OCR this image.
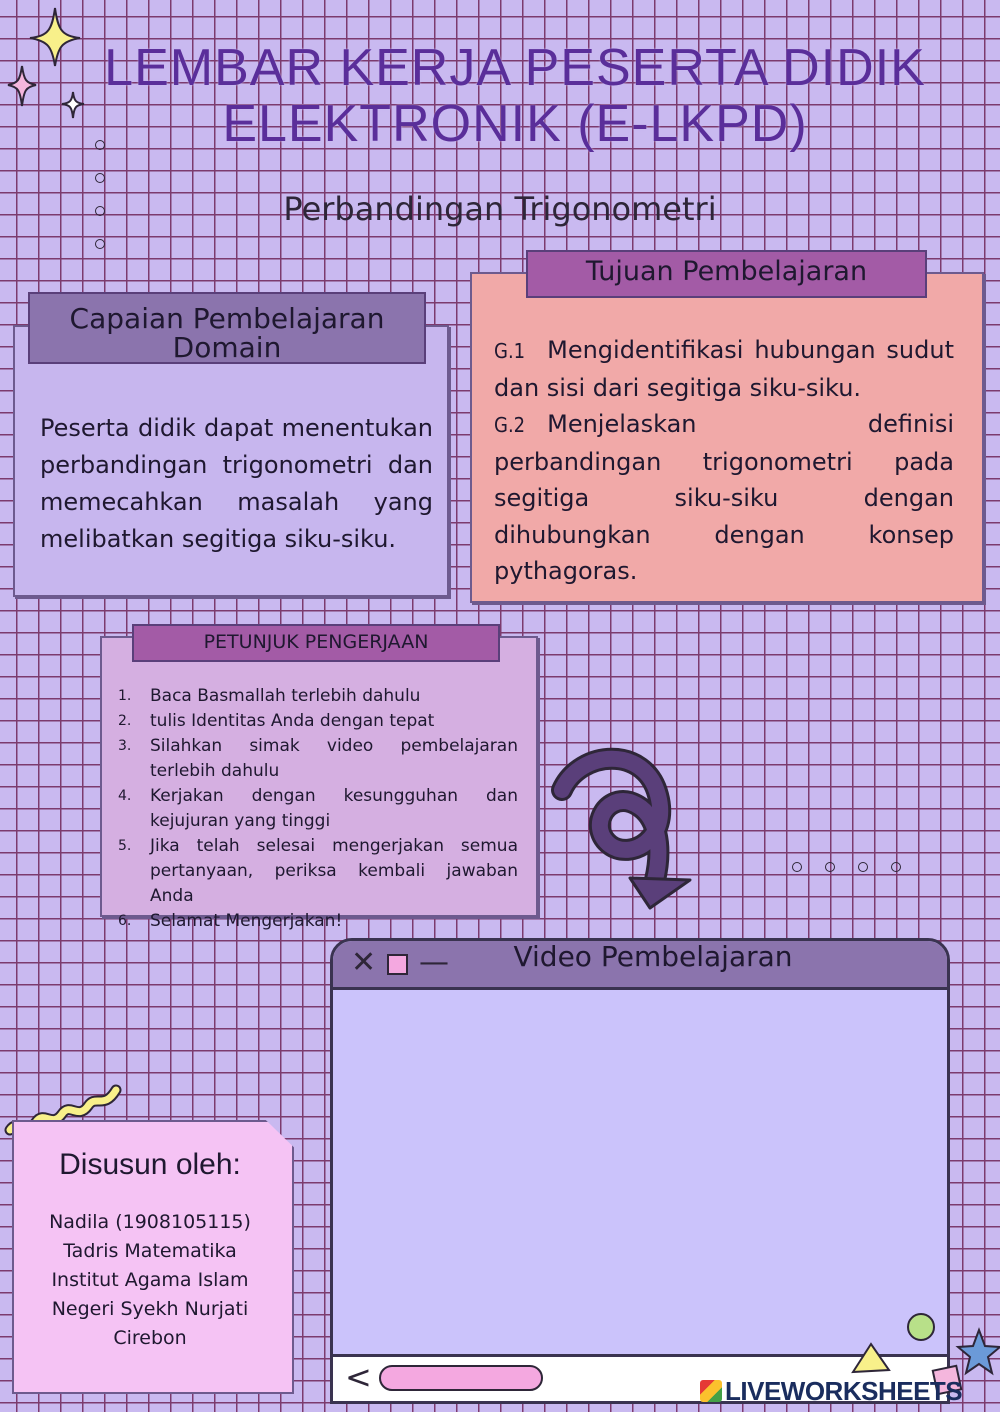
LEMBAR KERJA PESERTA DIDIK
ELEKTRONIK (E-LKPD)
Perbandingan Trigonometri
Capaian Pembelajaran
Domain
Peserta didik dapat menentukan perbandingan trigonometri dan memecahkan masalah yang melibatkan segitiga siku-siku.
Tujuan Pembelajaran

G.1 Mengidentifikasi hubungan sudut dan sisi dari segitiga siku-siku.

G.2 Menjelaskan definisi perbandingan trigonometri pada segitiga siku-siku dengan dihubungkan dengan konsep pythagoras.

PETUNJUK PENGERJAAN
1.	Baca Basmallah terlebih dahulu
2.	tulis Identitas Anda dengan tepat
3.	Silahkan simak video pembelajaran terlebih dahulu
4.	Kerjakan dengan kesungguhan dan kejujuran yang tinggi
5.	Jika telah selesai mengerjakan semua pertanyaan, periksa kembali jawaban Anda
6.	Selamat Mengerjakan!
✕ —	Video Pembelajaran
<
Disusun oleh:
Nadila (1908105115)
Tadris Matematika
Institut Agama Islam
Negeri Syekh Nurjati
Cirebon
LIVEWORKSHEETS
